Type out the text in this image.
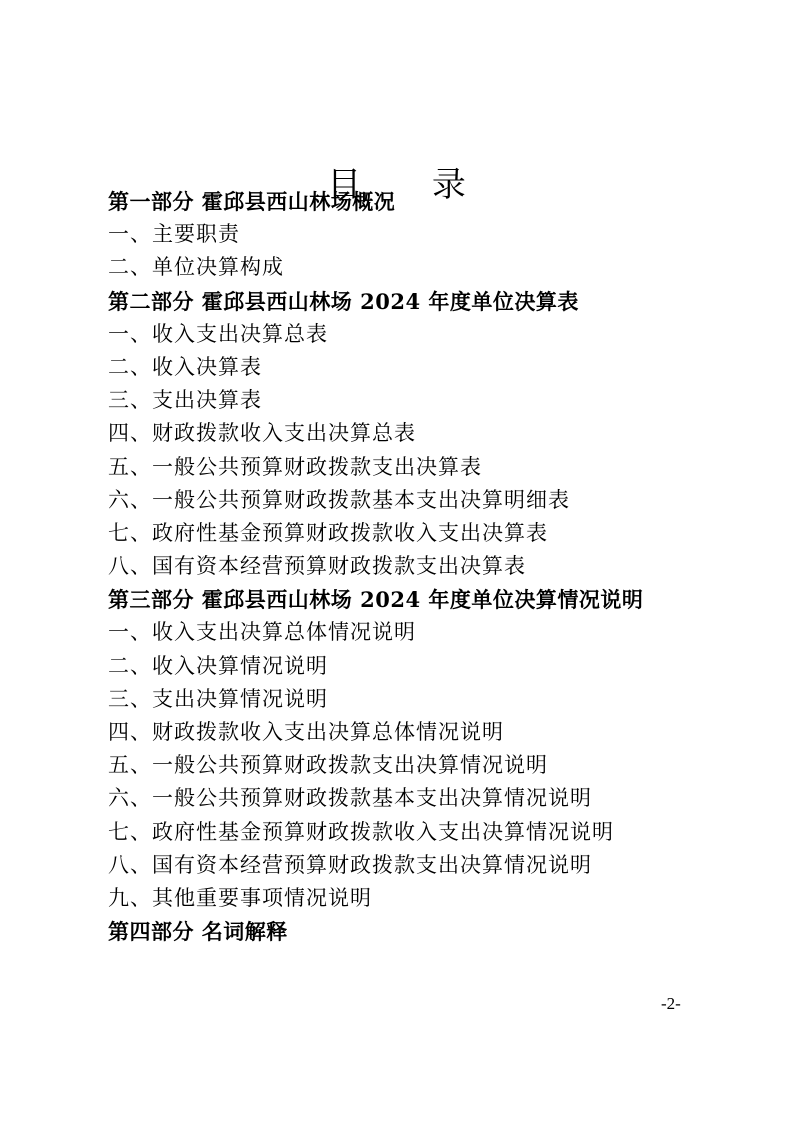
目 录
第一部分 霍邱县西山林场概况
一、主要职责
二、单位决算构成
第二部分 霍邱县西山林场 2024 年度单位决算表
一、收入支出决算总表
二、收入决算表
三、支出决算表
四、财政拨款收入支出决算总表
五、一般公共预算财政拨款支出决算表
六、一般公共预算财政拨款基本支出决算明细表
七、政府性基金预算财政拨款收入支出决算表
八、国有资本经营预算财政拨款支出决算表
第三部分 霍邱县西山林场 2024 年度单位决算情况说明
一、收入支出决算总体情况说明
二、收入决算情况说明
三、支出决算情况说明
四、财政拨款收入支出决算总体情况说明
五、一般公共预算财政拨款支出决算情况说明
六、一般公共预算财政拨款基本支出决算情况说明
七、政府性基金预算财政拨款收入支出决算情况说明
八、国有资本经营预算财政拨款支出决算情况说明
九、其他重要事项情况说明
第四部分 名词解释
-2-
